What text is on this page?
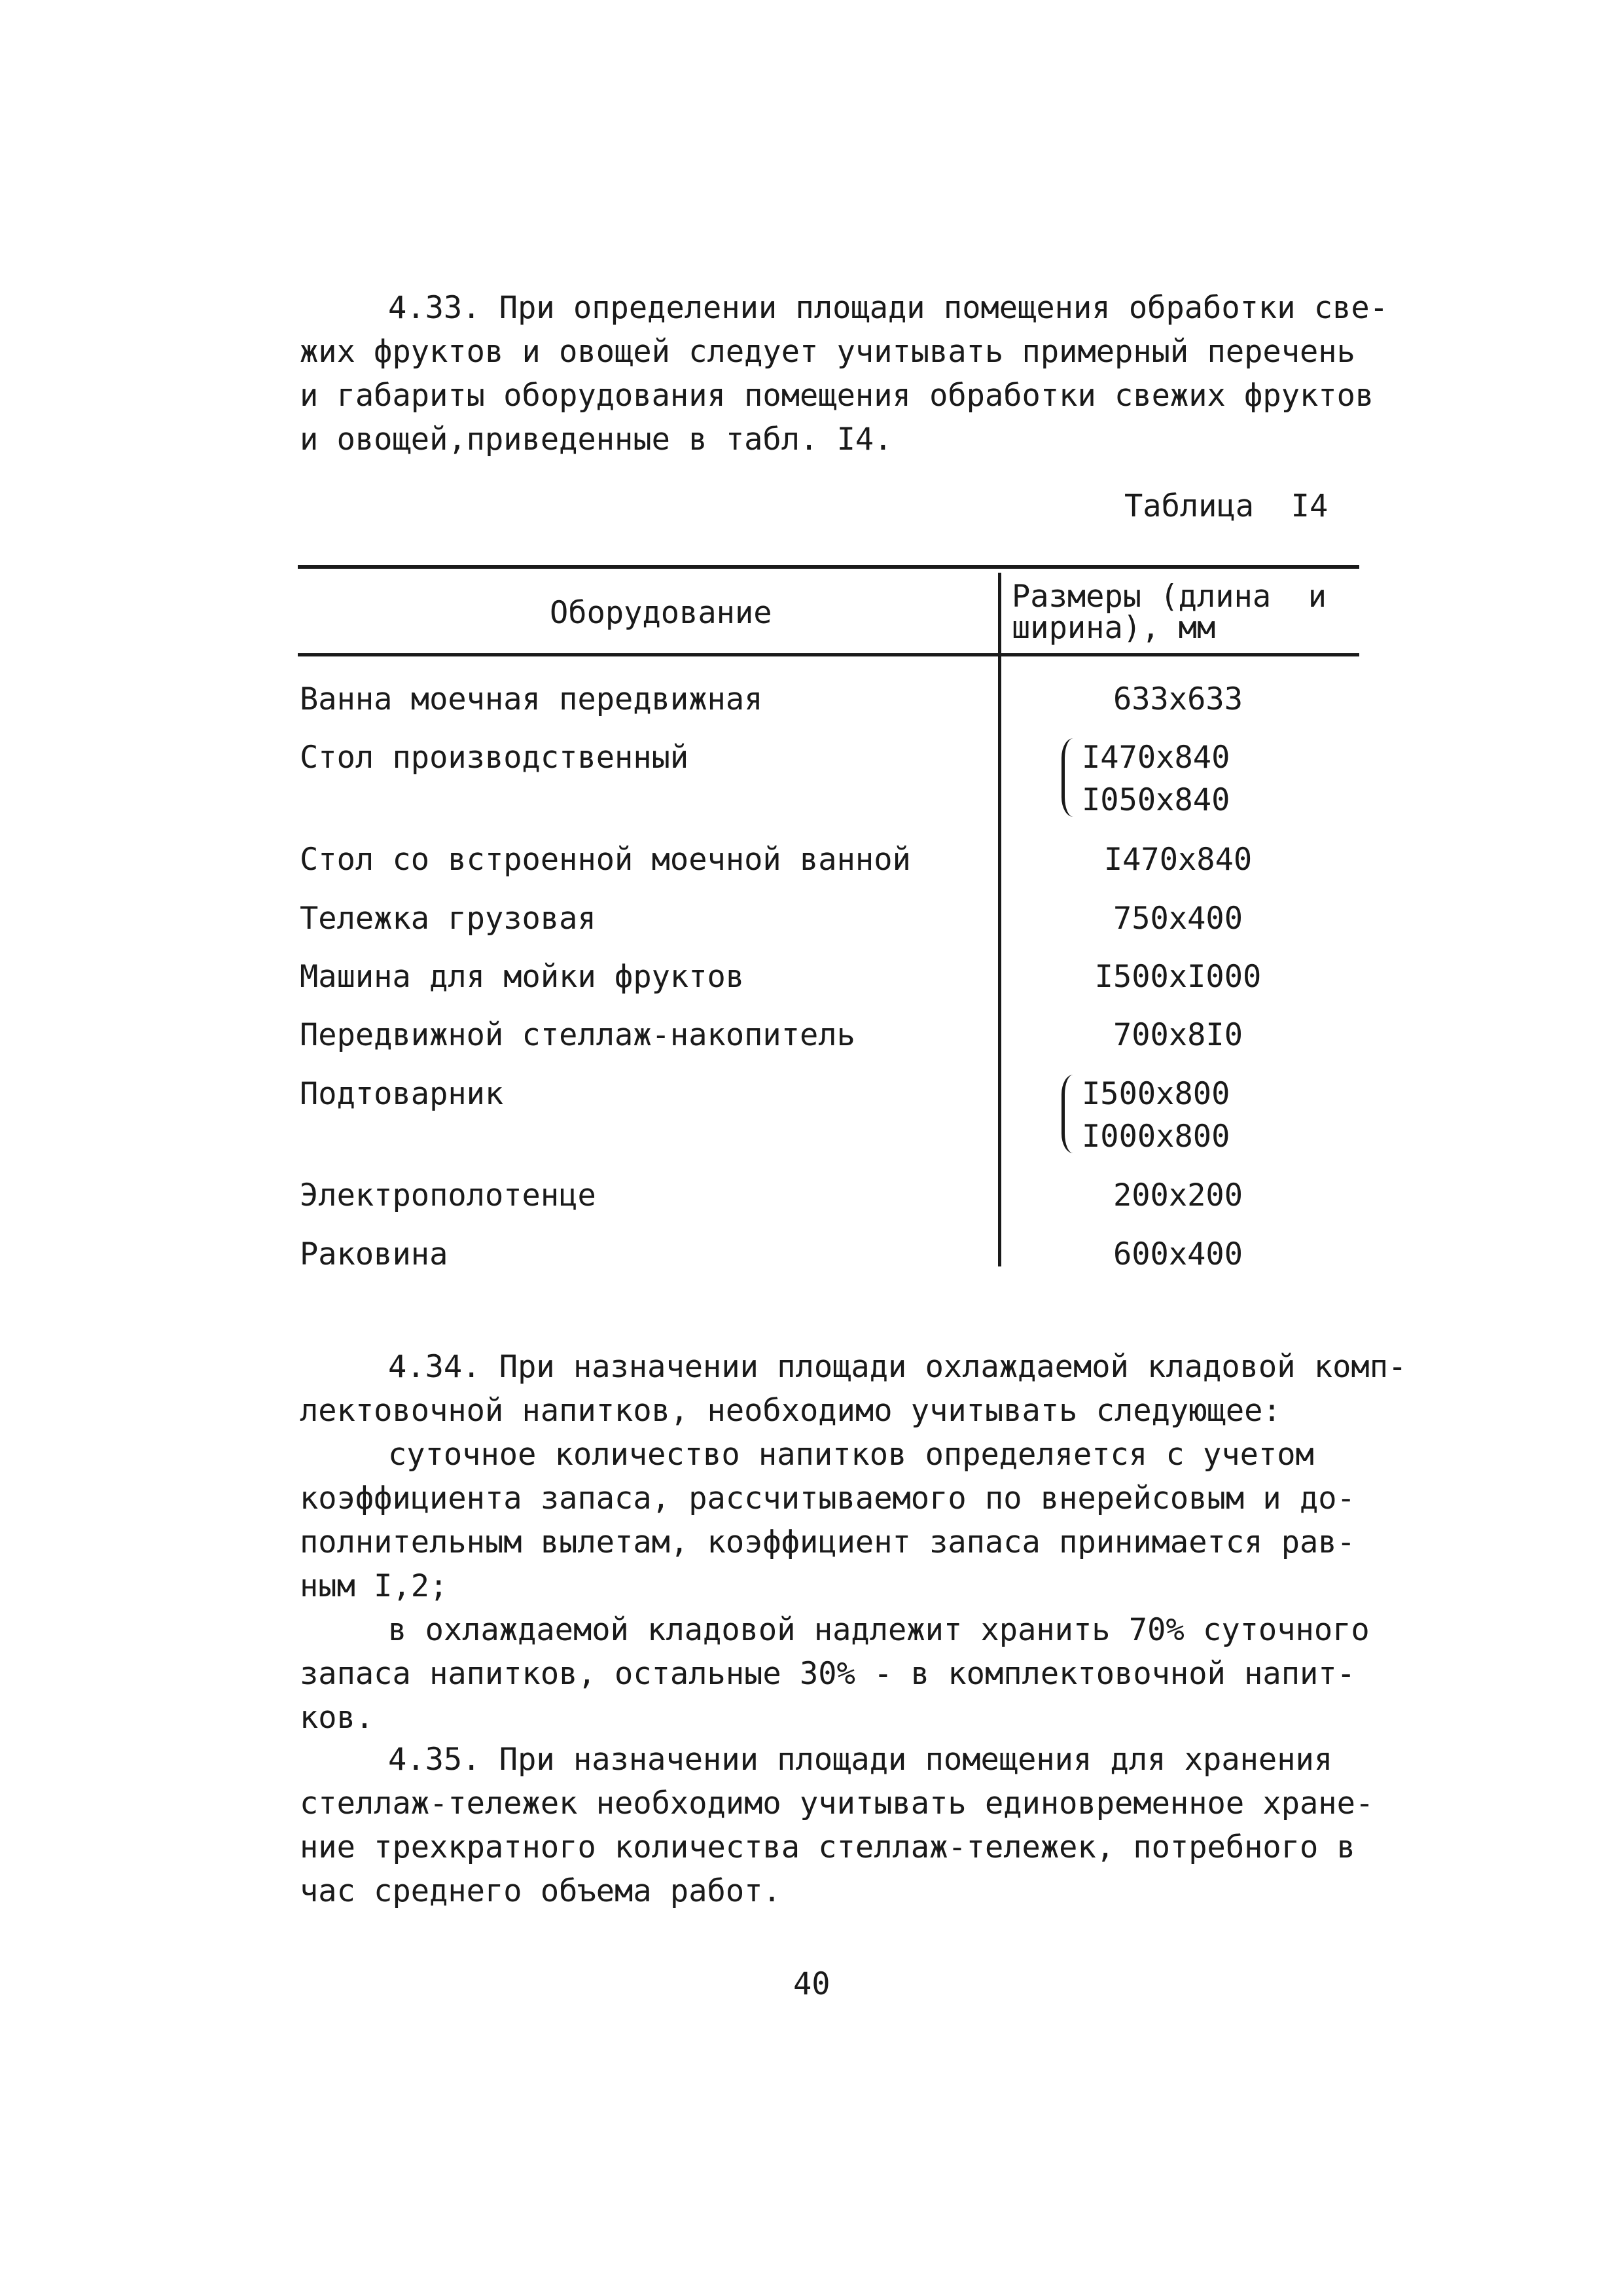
4.33. При определении площади помещения обработки све-
жих фруктов и овощей следует учитывать примерный перечень
и габариты оборудования помещения обработки свежих фруктов
и овощей,приведенные в табл. I4.
Таблица  I4
Оборудование	Размеры (длина  и
ширина), мм
Ванна моечная передвижная	633x633
Стол производственный	I470x840
I050x840
Стол со встроенной моечной ванной	I470x840
Тележка грузовая	750x400
Машина для мойки фруктов	I500xI000
Передвижной стеллаж-накопитель	700x8I0
Подтоварник	I500x800
I000x800
Электрополотенце	200x200
Раковина	600x400
4.34. При назначении площади охлаждаемой кладовой комп-
лектовочной напитков, необходимо учитывать следующее:
суточное количество напитков определяется с учетом
коэффициента запаса, рассчитываемого по внерейсовым и до-
полнительным вылетам, коэффициент запаса принимается рав-
ным I,2;
в охлаждаемой кладовой надлежит хранить 70% суточного
запаса напитков, остальные 30% - в комплектовочной напит-
ков.
4.35. При назначении площади помещения для хранения
стеллаж-тележек необходимо учитывать единовременное хране-
ние трехкратного количества стеллаж-тележек, потребного в
час среднего объема работ.
40
